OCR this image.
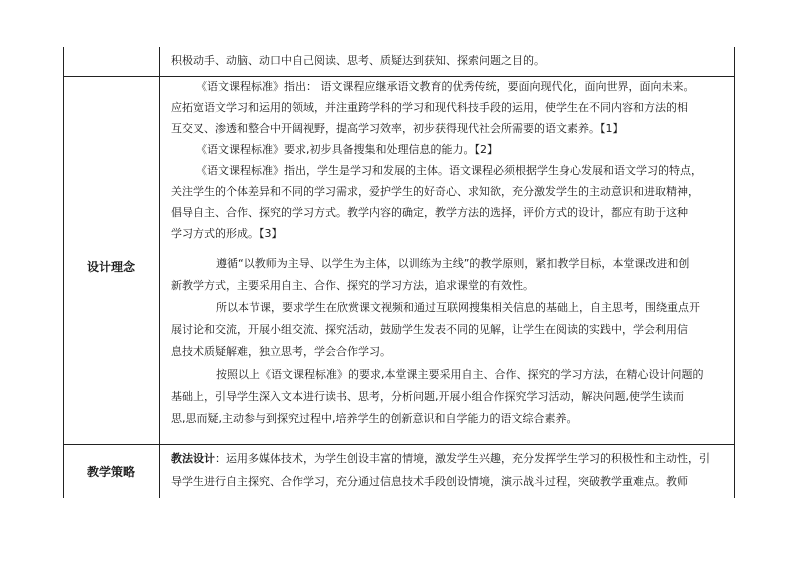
积极动手、动脑、动口中自己阅读、思考、质疑达到获知、探索问题之目的。
设计理念
《语文课程标准》指出： 语文课程应继承语文教育的优秀传统，要面向现代化，面向世界，面向未来。
应拓宽语文学习和运用的领域，并注重跨学科的学习和现代科技手段的运用，使学生在不同内容和方法的相
互交叉、渗透和整合中开阔视野，提高学习效率，初步获得现代社会所需要的语文素养。【1】
《语文课程标准》要求,初步具备搜集和处理信息的能力。【2】
《语文课程标准》指出，学生是学习和发展的主体。语文课程必须根据学生身心发展和语文学习的特点，
关注学生的个体差异和不同的学习需求，爱护学生的好奇心、求知欲，充分激发学生的主动意识和进取精神，
倡导自主、合作、探究的学习方式。教学内容的确定，教学方法的选择，评价方式的设计，都应有助于这种
学习方式的形成。【3】
遵循“以教师为主导、以学生为主体，以训练为主线”的教学原则，紧扣教学目标，本堂课改进和创
新教学方式，主要采用自主、合作、探究的学习方法，追求课堂的有效性。
所以本节课，要求学生在欣赏课文视频和通过互联网搜集相关信息的基础上，自主思考，围绕重点开
展讨论和交流，开展小组交流、探究活动，鼓励学生发表不同的见解，让学生在阅读的实践中，学会利用信
息技术质疑解难，独立思考，学会合作学习。
按照以上《语文课程标准》的要求,本堂课主要采用自主、合作、探究的学习方法，在精心设计问题的
基础上，引导学生深入文本进行读书、思考，分析问题,开展小组合作探究学习活动，解决问题,使学生读而
思,思而疑,主动参与到探究过程中,培养学生的创新意识和自学能力的语文综合素养。
教学策略
教法设计：运用多媒体技术，为学生创设丰富的情境，激发学生兴趣，充分发挥学生学习的积极性和主动性，引
导学生进行自主探究、合作学习，充分通过信息技术手段创设情境，演示战斗过程，突破教学重难点。教师
